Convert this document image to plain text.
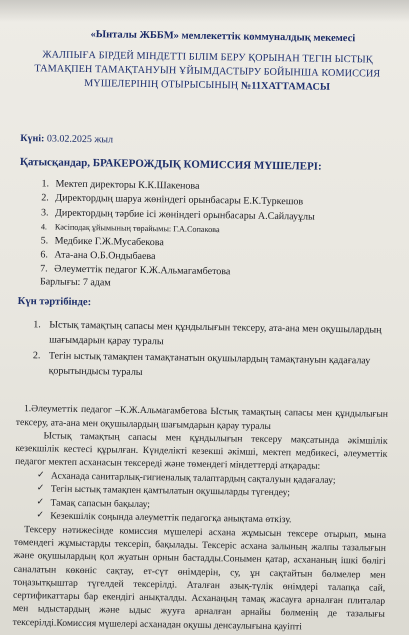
«Ынталы ЖББМ» мемлекеттік коммуналдық мекемесі
ЖАЛПЫҒА БІРДЕЙ МІНДЕТТІ БІЛІМ БЕРУ ҚОРЫНАН ТЕГІН ЫСТЫҚ
ТАМАҚПЕН ТАМАҚТАНУЫН ҰЙЫМДАСТЫРУ БОЙЫНША КОМИССИЯ
МҮШЕЛЕРІНІҢ ОТЫРЫСЫНЫҢ №11ХАТТАМАСЫ
Күні: 03.02.2025 жыл
Қатысқандар, БРАКЕРОЖДЫҚ КОМИССИЯ МҮШЕЛЕРІ:
1. Мектеп директоры К.К.Шакенова
2. Директордың шаруа жөніндегі орынбасары Е.К.Туркешов
3. Директордың тәрбие ісі жөніндегі орынбасары А.Сайлауұлы
4. Кәсіподақ ұйымының төрайымы: Г.А.Сопакова
5. Медбике Г.Ж.Мусабекова
6. Ата-ана О.Б.Ондыбаева
7. Әлеуметтік педагог К.Ж.Альмагамбетова
Барлығы: 7 адам
Күн тәртібінде:
1. Ыстық тамақтың сапасы мен құндылығын тексеру, ата-ана мен оқушылардың шағымдарын қарау туралы
2. Тегін ыстық тамақпен тамақтанатын оқушылардың тамақтануын қадағалау қорытындысы туралы

1.Әлеуметтік педагог –К.Ж.Альмагамбетова Ыстық тамақтың сапасы мен құндылығын тексеру, ата-ана мен оқушылардың шағымдарын қарау туралы

Ыстық тамақтың сапасы мен құндылығын тексеру мақсатында әкімшілік кезекшілік кестесі құрылған. Күнделікті кезекші әкімші, мектеп медбикесі, әлеуметтік педагог мектеп асханасын тексереді және төмендегі міндеттерді атқарады:

✓ Асханада санитарлық-гигиеналық талаптардың сақталуын қадағалау;
✓ Тегін ыстық тамақпен қамтылатын оқушыларды түгендеу;
✓ Тамақ сапасын бақылау;
✓ Кезекшілік соңында әлеуметтік педагогқа анықтама өткізу.

Тексеру нәтижесінде комиссия мүшелері асхана жұмысын тексере отырып, мына төмендегі жұмыстарды тексеріп, бақылады. Тексеріс асхана залының жалпы тазалығын және оқушылардың қол жуатын орнын бастадды.Сонымен қатар, асхананың ішкі бөлігі саналатын көкөніс сақтау, ет-сүт өнімдерін, су, ұн сақтайтын бөлмелер мен тоңазытқыштар түгелдей тексерілді. Аталған азық-түлік өнімдері талапқа сай, сертификаттары бар екендігі анықталды. Асханаңың тамақ жасауға арналған плиталар мен ыдыстардың және ыдыс жууға арналған арнайы бөлменің де тазалығы тексерілді.Комиссия мүшелері асханадан оқушы денсаулығына қауіпті
